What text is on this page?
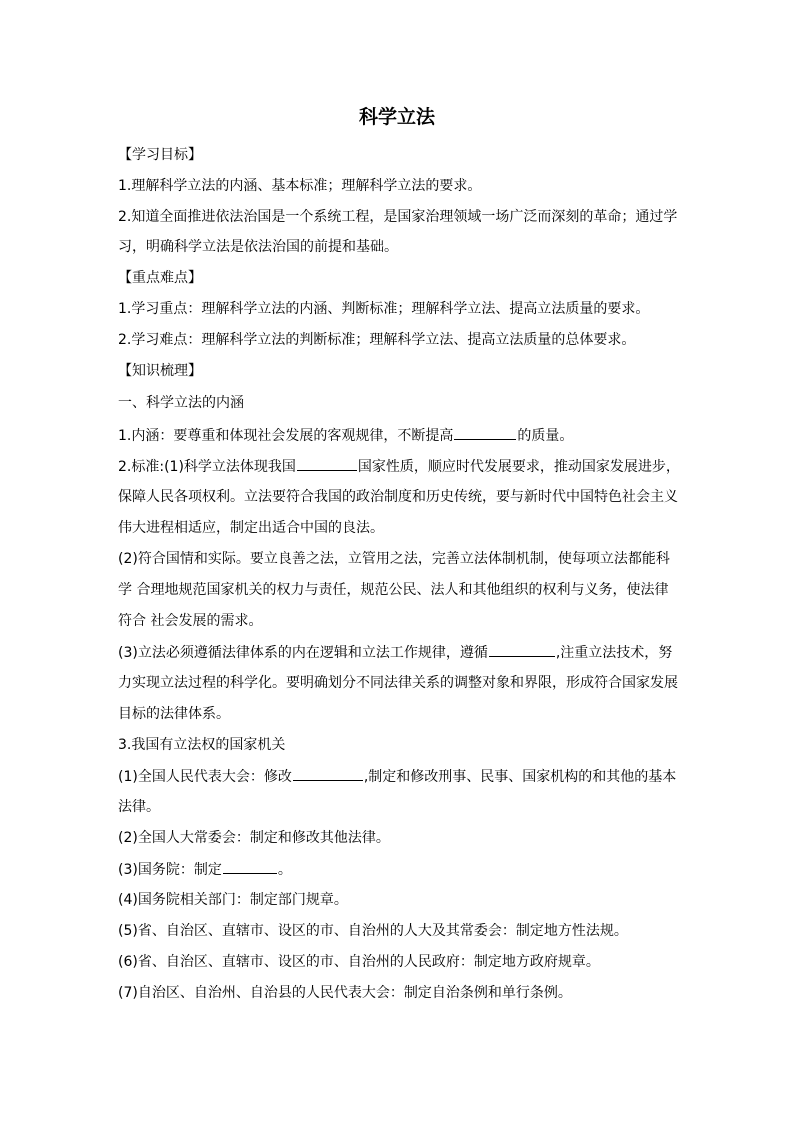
科学立法
【学习目标】
1.理解科学立法的内涵、基本标准；理解科学立法的要求。
2.知道全面推进依法治国是一个系统工程，是国家治理领域一场广泛而深刻的革命；通过学
习，明确科学立法是依法治国的前提和基础。
【重点难点】
1.学习重点：理解科学立法的内涵、判断标准；理解科学立法、提高立法质量的要求。
2.学习难点：理解科学立法的判断标准；理解科学立法、提高立法质量的总体要求。
【知识梳理】
一、科学立法的内涵
1.内涵：要尊重和体现社会发展的客观规律，不断提高	的质量。
2.标准:(1)科学立法体现我国	国家性质，顺应时代发展要求，推动国家发展进步，
保障人民各项权利。立法要符合我国的政治制度和历史传统，要与新时代中国特色社会主义
伟大进程相适应，制定出适合中国的良法。
(2)符合国情和实际。要立良善之法，立管用之法，完善立法体制机制，使每项立法都能科
学 合理地规范国家机关的权力与责任，规范公民、法人和其他组织的权利与义务，使法律
符合 社会发展的需求。
(3)立法必须遵循法律体系的内在逻辑和立法工作规律，遵循	,注重立法技术，努
力实现立法过程的科学化。要明确划分不同法律关系的调整对象和界限，形成符合国家发展
目标的法律体系。
3.我国有立法权的国家机关
(1)全国人民代表大会：修改	,制定和修改刑事、民事、国家机构的和其他的基本
法律。
(2)全国人大常委会：制定和修改其他法律。
(3)国务院：制定	。
(4)国务院相关部门：制定部门规章。
(5)省、自治区、直辖市、设区的市、自治州的人大及其常委会：制定地方性法规。
(6)省、自治区、直辖市、设区的市、自治州的人民政府：制定地方政府规章。
(7)自治区、自治州、自治县的人民代表大会：制定自治条例和单行条例。
